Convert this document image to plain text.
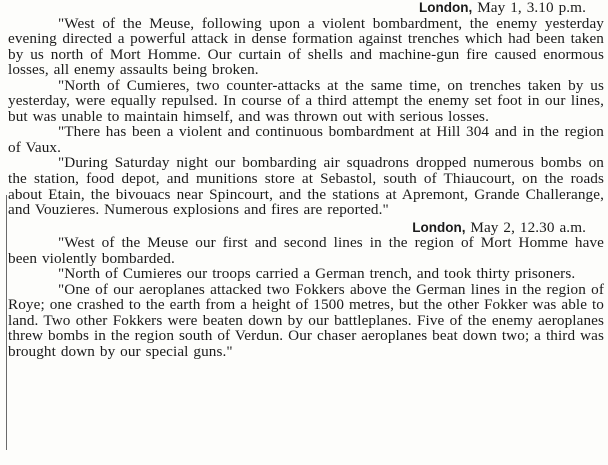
London, May 1, 3.10 p.m.

"West of the Meuse, following upon a violent bombardment, the enemy yesterday evening directed a powerful attack in dense formation against trenches which had been taken by us north of Mort Homme. Our curtain of shells and machine-gun fire caused enormous losses, all enemy assaults being broken.

"North of Cumieres, two counter-attacks at the same time, on trenches taken by us yesterday, were equally repulsed. In course of a third attempt the enemy set foot in our lines, but was unable to maintain himself, and was thrown out with serious losses.

"There has been a violent and continuous bombardment at Hill 304 and in the region of Vaux.

"During Saturday night our bombarding air squadrons dropped numerous bombs on the station, food depot, and munitions store at Sebastol, south of Thiaucourt, on the roads about Etain, the bivouacs near Spincourt, and the stations at Apremont, Grande Challerange, and Vouzieres. Numerous explosions and fires are reported."

London, May 2, 12.30 a.m.

"West of the Meuse our first and second lines in the region of Mort Homme have been violently bombarded.

"North of Cumieres our troops carried a German trench, and took thirty prisoners.

"One of our aeroplanes attacked two Fokkers above the German lines in the region of Roye; one crashed to the earth from a height of 1500 metres, but the other Fokker was able to land. Two other Fokkers were beaten down by our battleplanes. Five of the enemy aeroplanes threw bombs in the region south of Verdun. Our chaser aeroplanes beat down two; a third was brought down by our special guns."
